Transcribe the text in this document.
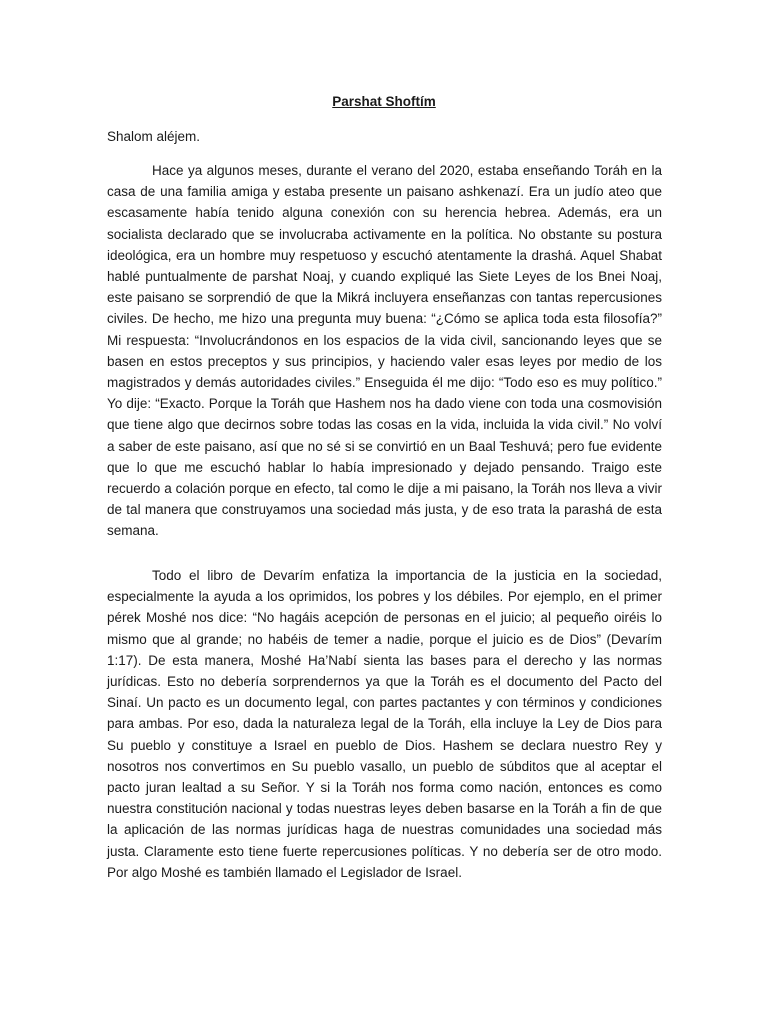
Parshat Shoftím
Shalom aléjem.

Hace ya algunos meses, durante el verano del 2020, estaba enseñando Toráh en la casa de una familia amiga y estaba presente un paisano ashkenazí. Era un judío ateo que escasamente había tenido alguna conexión con su herencia hebrea. Además, era un socialista declarado que se involucraba activamente en la política. No obstante su postura ideológica, era un hombre muy respetuoso y escuchó atentamente la drashá. Aquel Shabat hablé puntualmente de parshat Noaj, y cuando expliqué las Siete Leyes de los Bnei Noaj, este paisano se sorprendió de que la Mikrá incluyera enseñanzas con tantas repercusiones civiles. De hecho, me hizo una pregunta muy buena: “¿Cómo se aplica toda esta filosofía?” Mi respuesta: “Involucrándonos en los espacios de la vida civil, sancionando leyes que se basen en estos preceptos y sus principios, y haciendo valer esas leyes por medio de los magistrados y demás autoridades civiles.” Enseguida él me dijo: “Todo eso es muy político.” Yo dije: “Exacto. Porque la Toráh que Hashem nos ha dado viene con toda una cosmovisión que tiene algo que decirnos sobre todas las cosas en la vida, incluida la vida civil.” No volví a saber de este paisano, así que no sé si se convirtió en un Baal Teshuvá; pero fue evidente que lo que me escuchó hablar lo había impresionado y dejado pensando. Traigo este recuerdo a colación porque en efecto, tal como le dije a mi paisano, la Toráh nos lleva a vivir de tal manera que construyamos una sociedad más justa, y de eso trata la parashá de esta semana.

Todo el libro de Devarím enfatiza la importancia de la justicia en la sociedad, especialmente la ayuda a los oprimidos, los pobres y los débiles. Por ejemplo, en el primer pérek Moshé nos dice: “No hagáis acepción de personas en el juicio; al pequeño oiréis lo mismo que al grande; no habéis de temer a nadie, porque el juicio es de Dios” (Devarím 1:17). De esta manera, Moshé Ha’Nabí sienta las bases para el derecho y las normas jurídicas. Esto no debería sorprendernos ya que la Toráh es el documento del Pacto del Sinaí. Un pacto es un documento legal, con partes pactantes y con términos y condiciones para ambas. Por eso, dada la naturaleza legal de la Toráh, ella incluye la Ley de Dios para Su pueblo y constituye a Israel en pueblo de Dios. Hashem se declara nuestro Rey y nosotros nos convertimos en Su pueblo vasallo, un pueblo de súbditos que al aceptar el pacto juran lealtad a su Señor. Y si la Toráh nos forma como nación, entonces es como nuestra constitución nacional y todas nuestras leyes deben basarse en la Toráh a fin de que la aplicación de las normas jurídicas haga de nuestras comunidades una sociedad más justa. Claramente esto tiene fuerte repercusiones políticas. Y no debería ser de otro modo. Por algo Moshé es también llamado el Legislador de Israel.
